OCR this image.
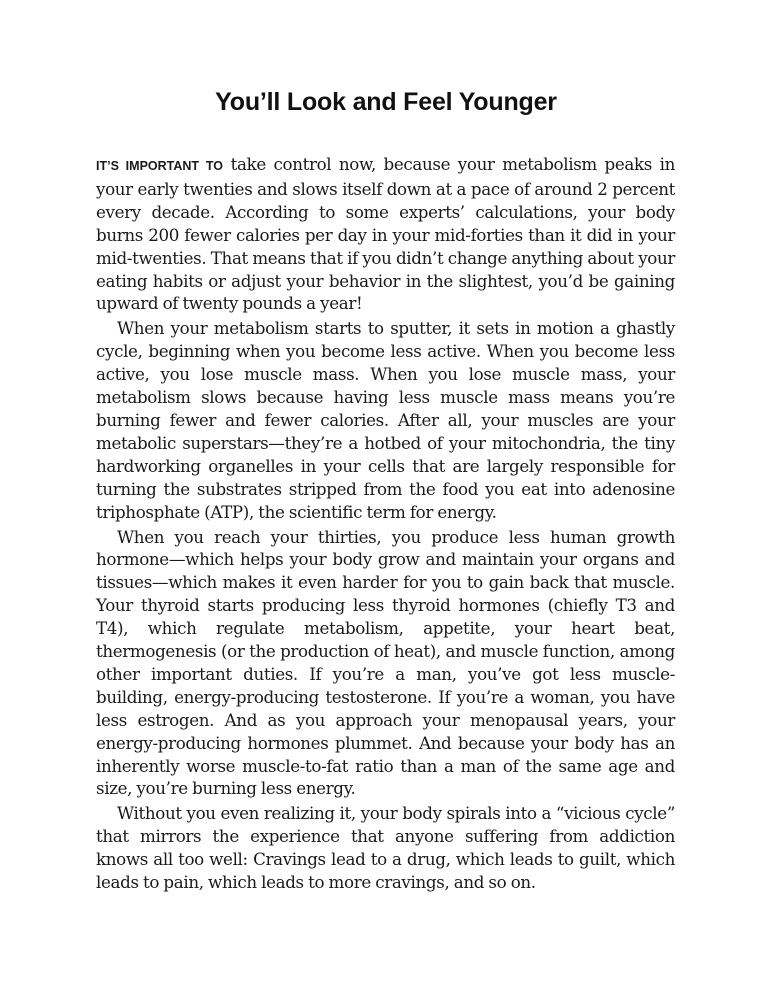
You’ll Look and Feel Younger

IT’S IMPORTANT TO take control now, because your metabolism peaks in your early twenties and slows itself down at a pace of around 2 percent every decade. According to some experts’ calculations, your body burns 200 fewer calories per day in your mid-forties than it did in your mid-twenties. That means that if you didn’t change anything about your eating habits or adjust your behavior in the slightest, you’d be gaining upward of twenty pounds a year!

When your metabolism starts to sputter, it sets in motion a ghastly cycle, beginning when you become less active. When you become less active, you lose muscle mass. When you lose muscle mass, your metabolism slows because having less muscle mass means you’re burning fewer and fewer calories. After all, your muscles are your metabolic superstars—they’re a hotbed of your mitochondria, the tiny hardworking organelles in your cells that are largely responsible for turning the substrates stripped from the food you eat into adenosine triphosphate (ATP), the scientific term for energy.

When you reach your thirties, you produce less human growth hormone—which helps your body grow and maintain your organs and tissues—which makes it even harder for you to gain back that muscle. Your thyroid starts producing less thyroid hormones (chiefly T3 and T4), which regulate metabolism, appetite, your heart beat, thermogenesis (or the production of heat), and muscle function, among other important duties. If you’re a man, you’ve got less muscle-building, energy-producing testosterone. If you’re a woman, you have less estrogen. And as you approach your menopausal years, your energy-producing hormones plummet. And because your body has an inherently worse muscle-to-fat ratio than a man of the same age and size, you’re burning less energy.

Without you even realizing it, your body spirals into a “vicious cycle” that mirrors the experience that anyone suffering from addiction knows all too well: Cravings lead to a drug, which leads to guilt, which leads to pain, which leads to more cravings, and so on.
